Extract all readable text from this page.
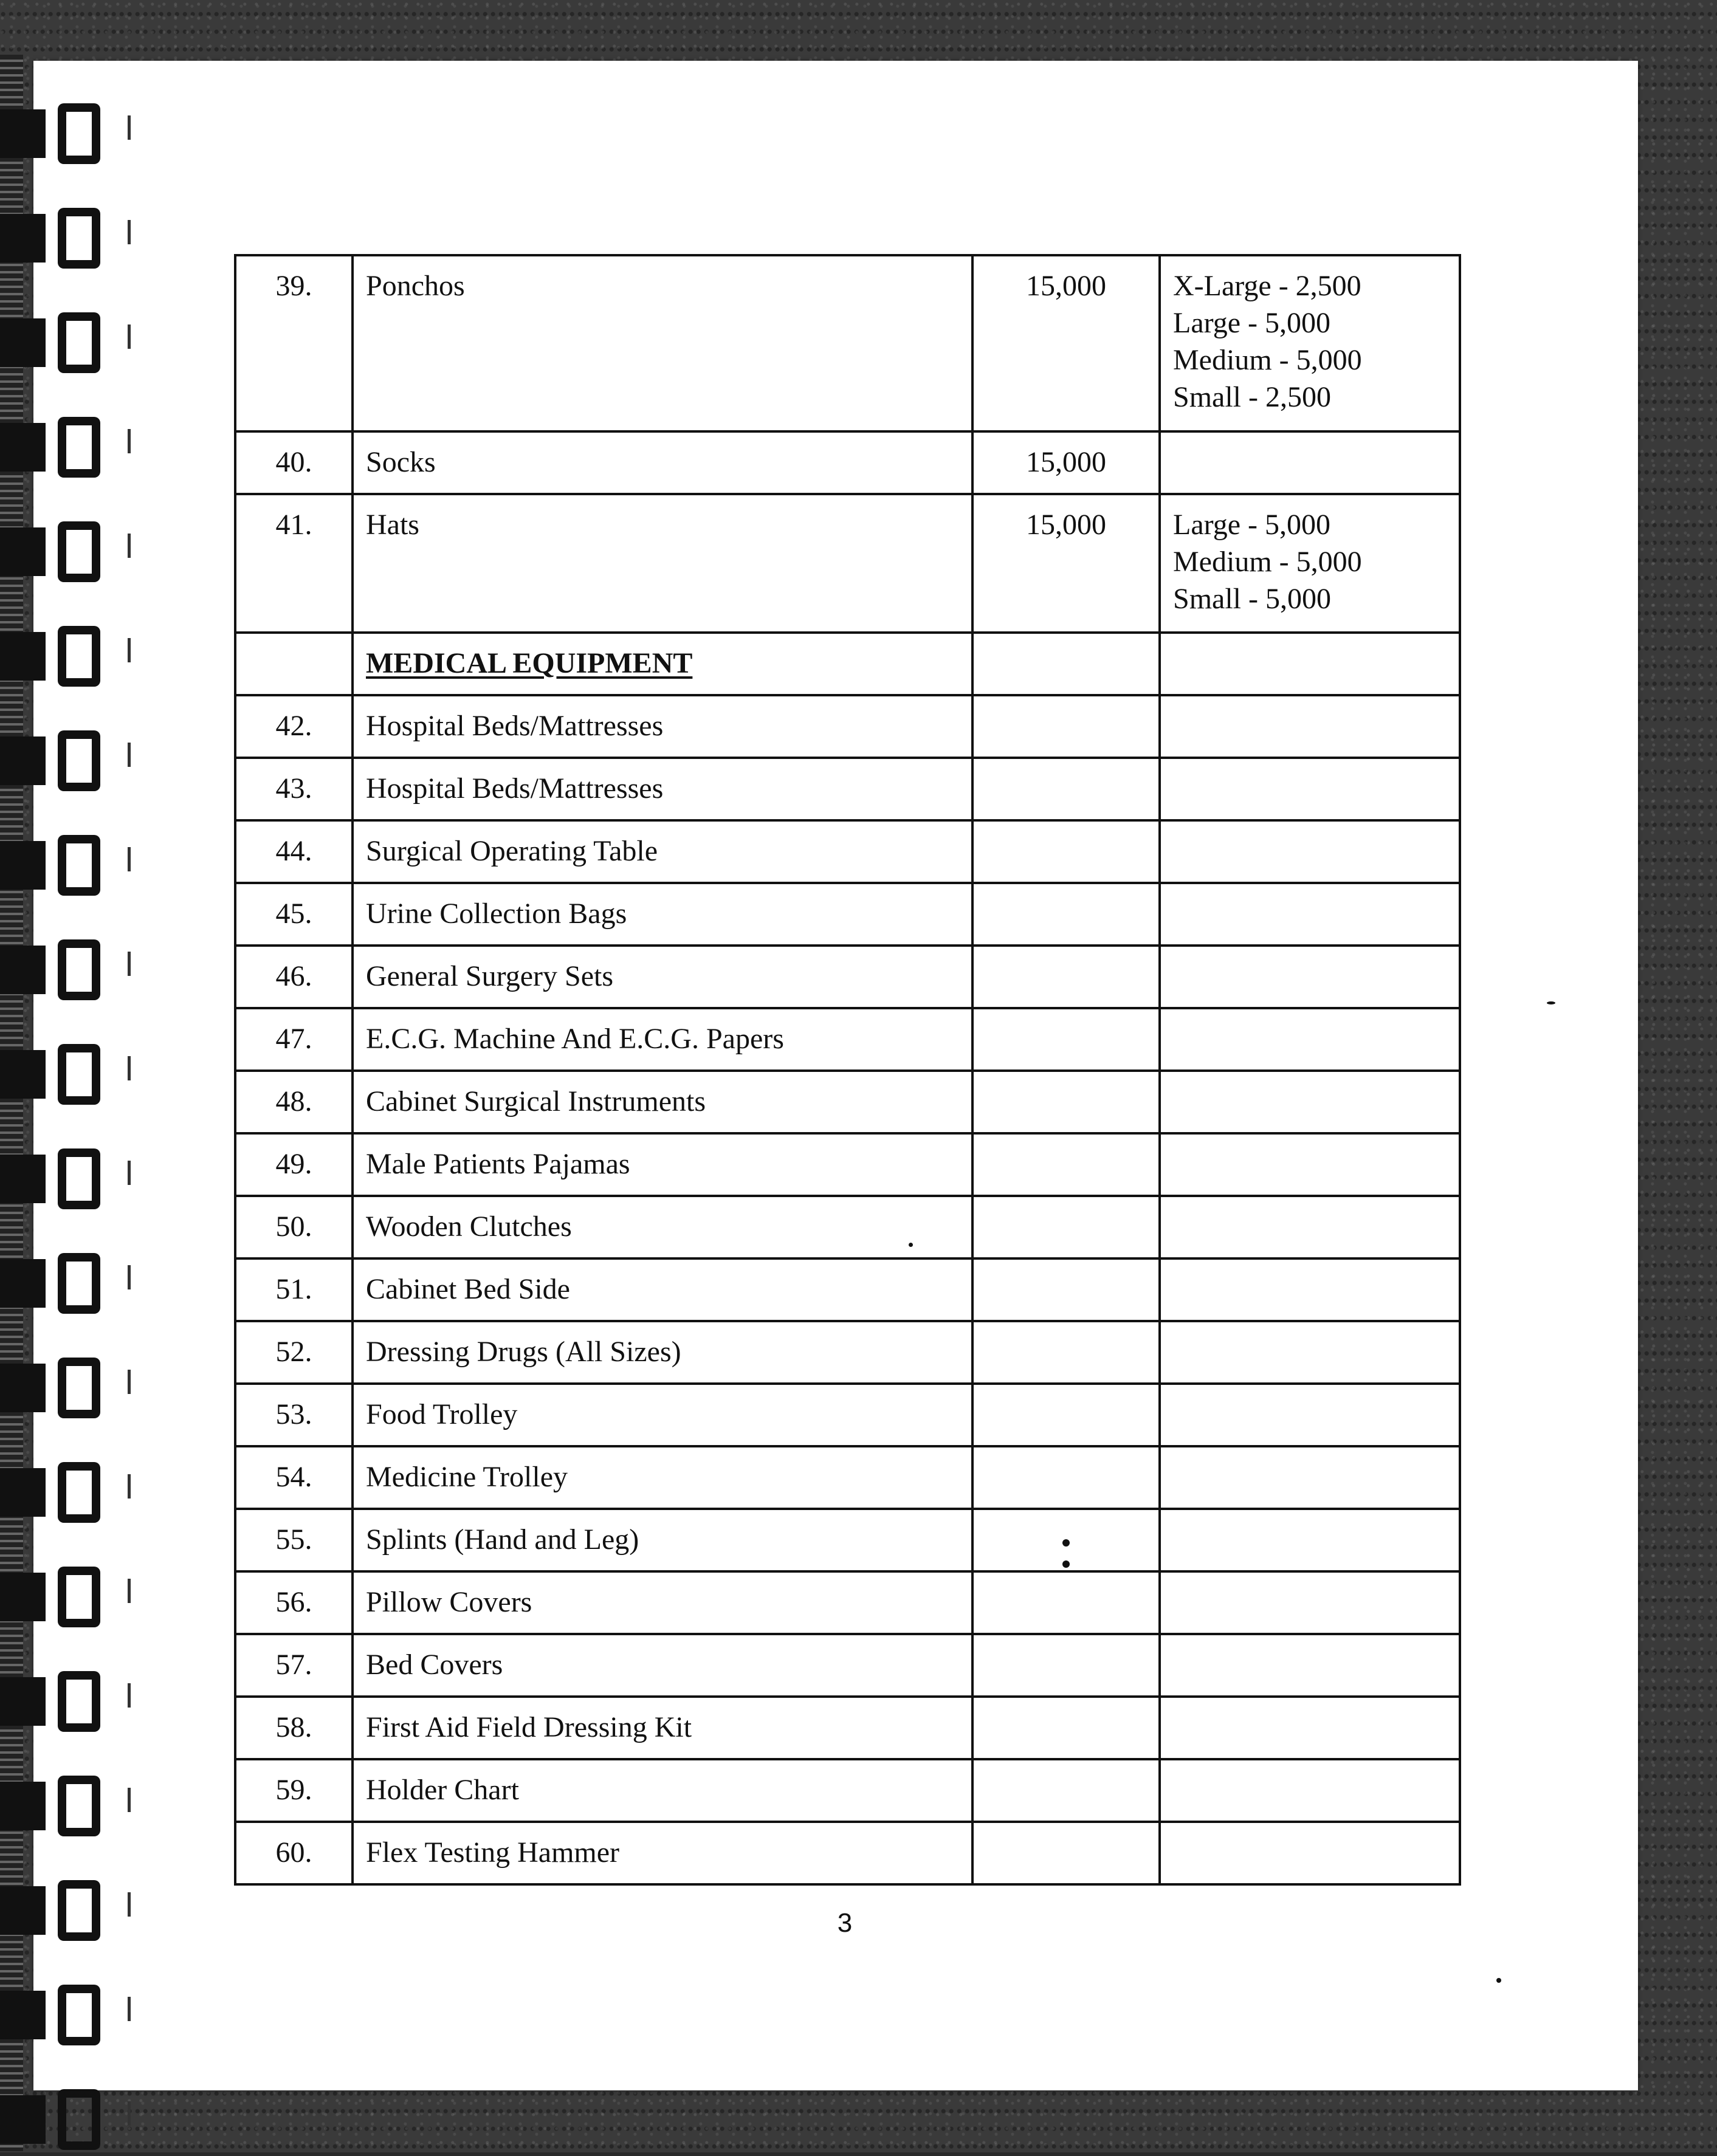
39.	Ponchos	15,000	X-Large - 2,500
Large - 5,000
Medium - 5,000
Small - 2,500

40.	Socks	15,000	
41.	Hats	15,000	Large - 5,000
Medium - 5,000
Small - 5,000

	MEDICAL EQUIPMENT		
42.	Hospital Beds/Mattresses		
43.	Hospital Beds/Mattresses		
44.	Surgical Operating Table		
45.	Urine Collection Bags		
46.	General Surgery Sets		
47.	E.C.G. Machine And E.C.G. Papers		
48.	Cabinet Surgical Instruments		
49.	Male Patients Pajamas		
50.	Wooden Clutches		
51.	Cabinet Bed Side		
52.	Dressing Drugs (All Sizes)		
53.	Food Trolley		
54.	Medicine Trolley		
55.	Splints (Hand and Leg)		
56.	Pillow Covers		
57.	Bed Covers		
58.	First Aid Field Dressing Kit		
59.	Holder Chart		
60.	Flex Testing Hammer		
3
